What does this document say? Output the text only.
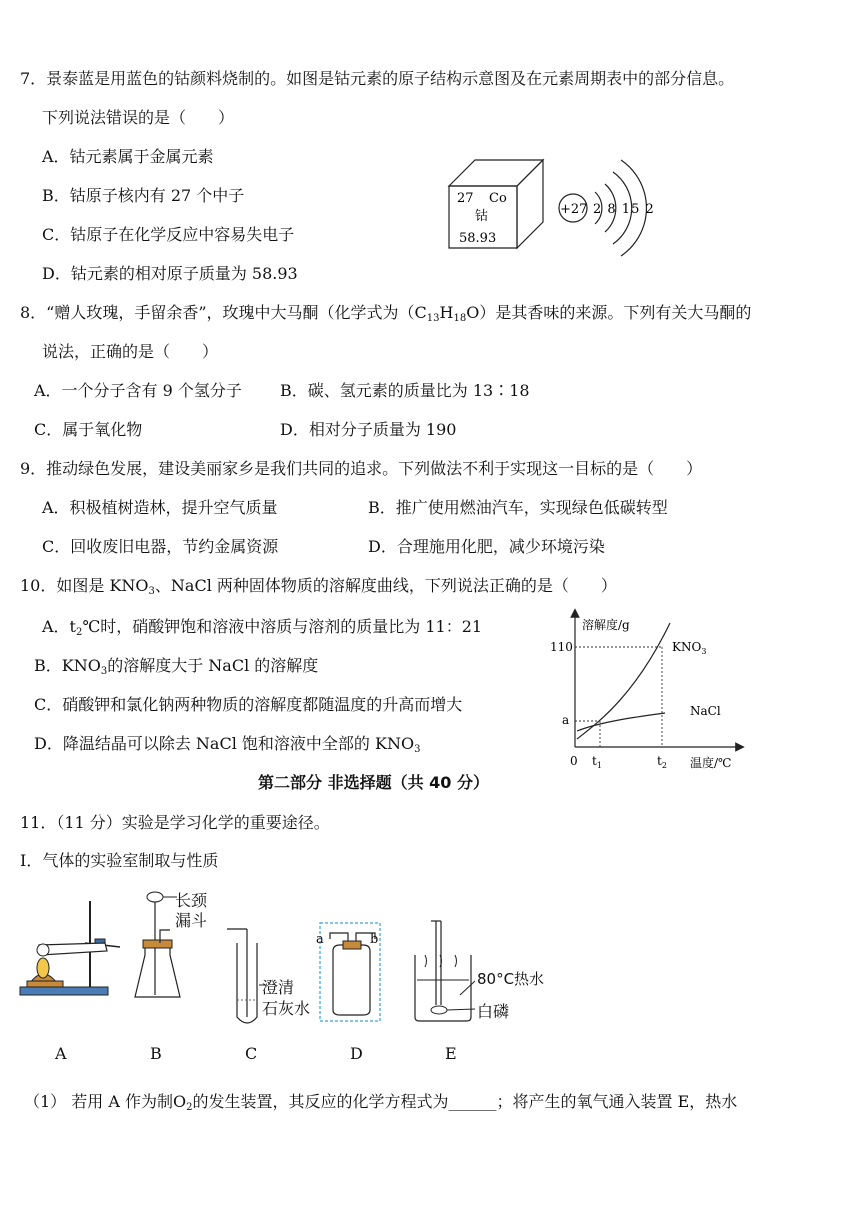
7．景泰蓝是用蓝色的钴颜料烧制的。如图是钴元素的原子结构示意图及在元素周期表中的部分信息。
下列说法错误的是（　　）
A．钴元素属于金属元素
B．钴原子核内有 27 个中子
C．钴原子在化学反应中容易失电子
D．钴元素的相对原子质量为 58.93
27 Co
钴
58.93
+27 2 8 15 2
8．“赠人玫瑰，手留余香”，玫瑰中大马酮（化学式为$(C_{13}H_{18}O)$是其香味的来源。下列有关大马酮的
说法，正确的是（　　）
A．一个分子含有 9 个氢分子 B．碳、氢元素的质量比为 13∶18
C．属于氧化物	D．相对分子质量为 190
9．推动绿色发展，建设美丽家乡是我们共同的追求。下列做法不利于实现这一目标的是（　　）
A．积极植树造林，提升空气质量	B．推广使用燃油汽车，实现绿色低碳转型
C．回收废旧电器，节约金属资源	D．合理施用化肥，减少环境污染
10．如图是 $KNO_3$、NaCl 两种固体物质的溶解度曲线，下列说法正确的是（　　）
A．$t_2℃$时，硝酸钾饱和溶液中溶质与溶剂的质量比为 11：21
B．$KNO_3$的溶解度大于 NaCl 的溶解度
C．硝酸钾和氯化钠两种物质的溶解度都随温度的升高而增大
D．降温结晶可以除去 NaCl 饱和溶液中全部的 $KNO_3$
溶解度/g
温度/℃
0 $t_1$	$t_2$
110
a
$KNO_3$
NaCl
第二部分 非选择题（共 40 分）
11．（11 分）实验是学习化学的重要途径。
I．气体的实验室制取与性质
长颈
漏斗
澄清
石灰水
a	b
80°C热水
白磷
A	B	C	D	E
（1） 若用 A 作为制$O_2$的发生装置，其反应的化学方程式为______；将产生的氧气通入装置 E，热水
